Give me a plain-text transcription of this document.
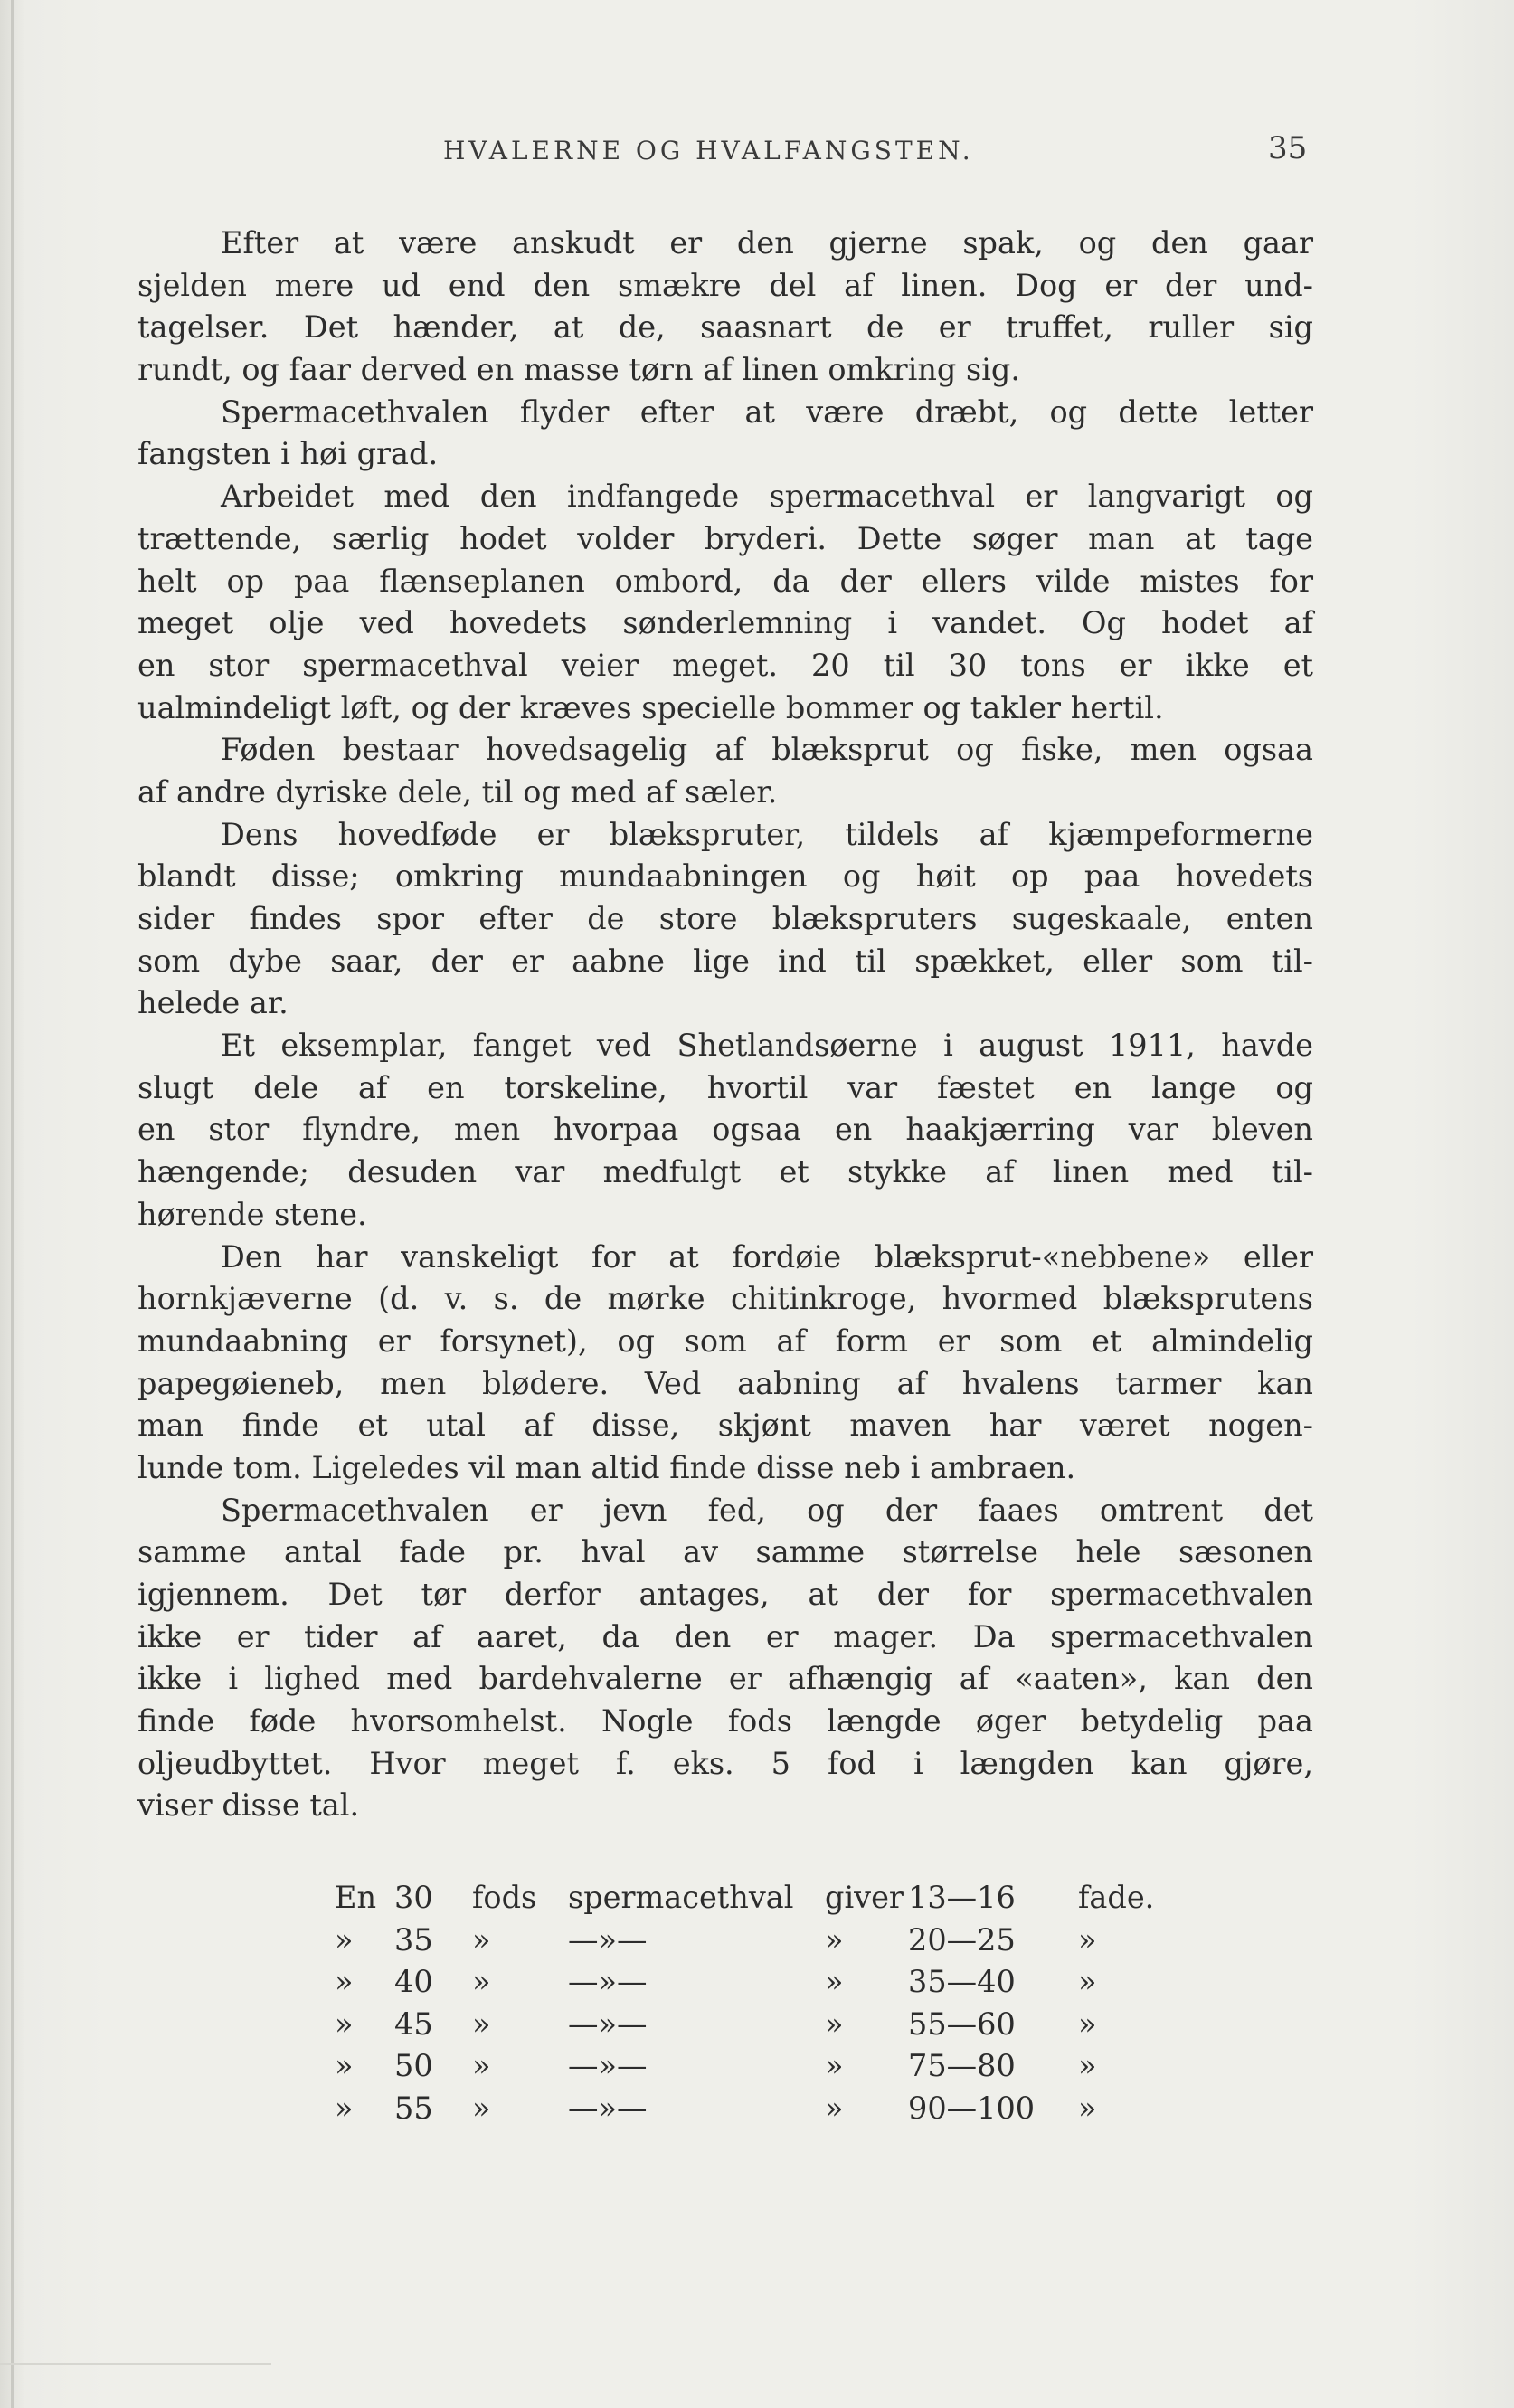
HVALERNE OG HVALFANGSTEN.	35
Efter at være anskudt er den gjerne spak, og den gaar
sjelden mere ud end den smækre del af linen. Dog er der und-
tagelser. Det hænder, at de, saasnart de er truffet, ruller sig
rundt, og faar derved en masse tørn af linen omkring sig.
Spermacethvalen flyder efter at være dræbt, og dette letter
fangsten i høi grad.
Arbeidet med den indfangede spermacethval er langvarigt og
trættende, særlig hodet volder bryderi. Dette søger man at tage
helt op paa flænseplanen ombord, da der ellers vilde mistes for
meget olje ved hovedets sønderlemning i vandet. Og hodet af
en stor spermacethval veier meget. 20 til 30 tons er ikke et
ualmindeligt løft, og der kræves specielle bommer og takler hertil.
Føden bestaar hovedsagelig af blæksprut og fiske, men ogsaa
af andre dyriske dele, til og med af sæler.
Dens hovedføde er blækspruter, tildels af kjæmpeformerne
blandt disse; omkring mundaabningen og høit op paa hovedets
sider findes spor efter de store blækspruters sugeskaale, enten
som dybe saar, der er aabne lige ind til spækket, eller som til-
helede ar.
Et eksemplar, fanget ved Shetlandsøerne i august 1911, havde
slugt dele af en torskeline, hvortil var fæstet en lange og
en stor flyndre, men hvorpaa ogsaa en haakjærring var bleven
hængende; desuden var medfulgt et stykke af linen med til-
hørende stene.
Den har vanskeligt for at fordøie blæksprut-«nebbene» eller
hornkjæverne (d. v. s. de mørke chitinkroge, hvormed blæksprutens
mundaabning er forsynet), og som af form er som et almindelig
papegøieneb, men blødere. Ved aabning af hvalens tarmer kan
man finde et utal af disse, skjønt maven har været nogen-
lunde tom. Ligeledes vil man altid finde disse neb i ambraen.
Spermacethvalen er jevn fed, og der faaes omtrent det
samme antal fade pr. hval av samme størrelse hele sæsonen
igjennem. Det tør derfor antages, at der for spermacethvalen
ikke er tider af aaret, da den er mager. Da spermacethvalen
ikke i lighed med bardehvalerne er afhængig af «aaten», kan den
finde føde hvorsomhelst. Nogle fods længde øger betydelig paa
oljeudbyttet. Hvor meget f. eks. 5 fod i længden kan gjøre,
viser disse tal.
En 30 fods spermacethval giver 13—16 fade.
» 35 »	—»—	» 20—25 »
» 40 »	—»—	» 35—40 »
» 45 »	—»—	» 55—60 »
» 50 »	—»—	» 75—80 »
» 55 »	—»—	» 90—100 »
